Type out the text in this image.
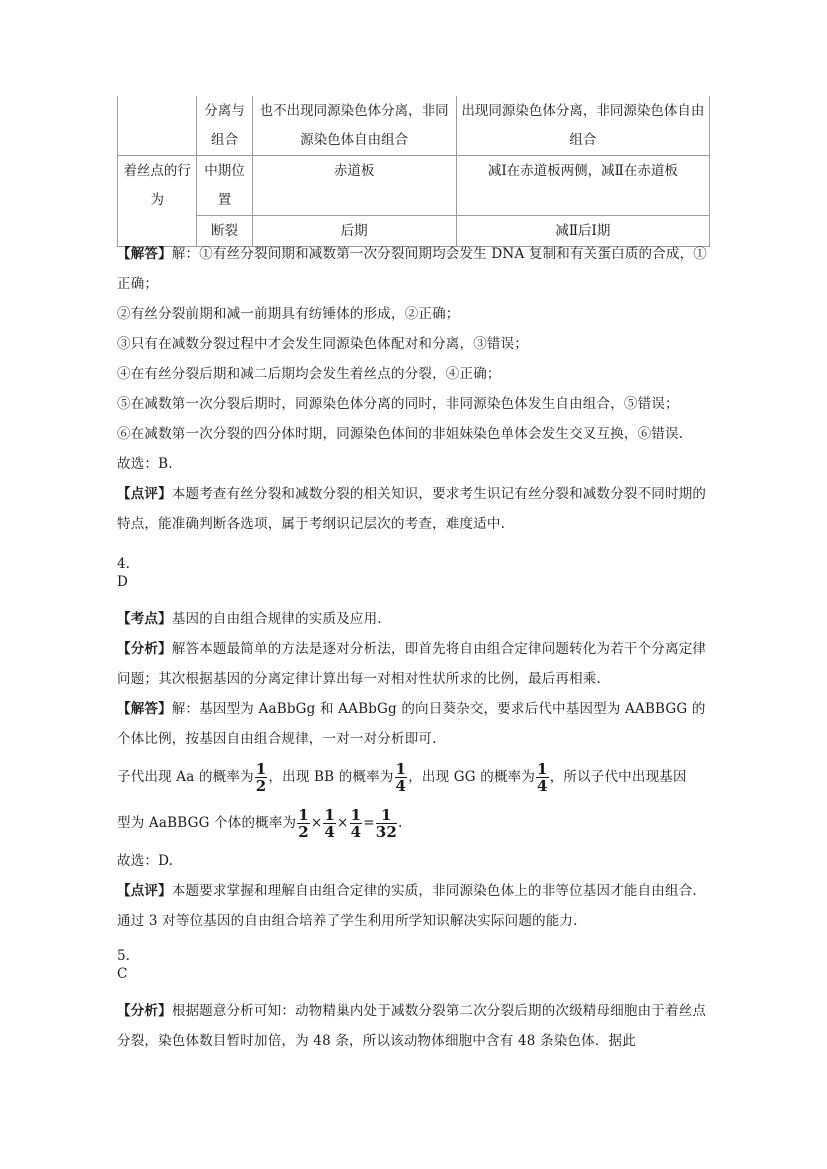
	分离与组合	也不出现同源染色体分离，非同源染色体自由组合	出现同源染色体分离，非同源染色体自由组合
着丝点的行为	中期位置	赤道板	减Ⅰ在赤道板两侧，减Ⅱ在赤道板
	断裂	后期	减Ⅱ后Ⅰ期

【解答】解：①有丝分裂间期和减数第一次分裂间期均会发生 DNA 复制和有关蛋白质的合成，①正确；

②有丝分裂前期和减一前期具有纺锤体的形成，②正确；

③只有在减数分裂过程中才会发生同源染色体配对和分离，③错误；

④在有丝分裂后期和减二后期均会发生着丝点的分裂，④正确；

⑤在减数第一次分裂后期时，同源染色体分离的同时，非同源染色体发生自由组合，⑤错误；

⑥在减数第一次分裂的四分体时期，同源染色体间的非姐妹染色单体会发生交叉互换，⑥错误.

故选：B.

【点评】本题考查有丝分裂和减数分裂的相关知识，要求考生识记有丝分裂和减数分裂不同时期的特点，能准确判断各选项，属于考纲识记层次的考查，难度适中.

4.
D

【考点】基因的自由组合规律的实质及应用.

【分析】解答本题最简单的方法是逐对分析法，即首先将自由组合定律问题转化为若干个分离定律问题；其次根据基因的分离定律计算出每一对相对性状所求的比例，最后再相乘.

【解答】解：基因型为 AaBbGg 和 AABbGg 的向日葵杂交，要求后代中基因型为 AABBGG 的个体比例，按基因自由组合规律，一对一对分析即可.

子代出现 Aa 的概率为 $\frac{1}{2}$ ，出现 BB 的概率为 $\frac{1}{4}$ ，出现 GG 的概率为 $\frac{1}{4}$ ，所以子代中出现基因

型为 AaBBGG 个体的概率为 $\frac{1}{2} \times \frac{1}{4} \times \frac{1}{4} = \frac{1}{32}$ .

故选：D.

【点评】本题要求掌握和理解自由组合定律的实质，非同源染色体上的非等位基因才能自由组合．通过 3 对等位基因的自由组合培养了学生利用所学知识解决实际问题的能力.

5.
C

【分析】根据题意分析可知：动物精巢内处于减数分裂第二次分裂后期的次级精母细胞由于着丝点分裂，染色体数目暂时加倍，为 48 条，所以该动物体细胞中含有 48 条染色体．据此
